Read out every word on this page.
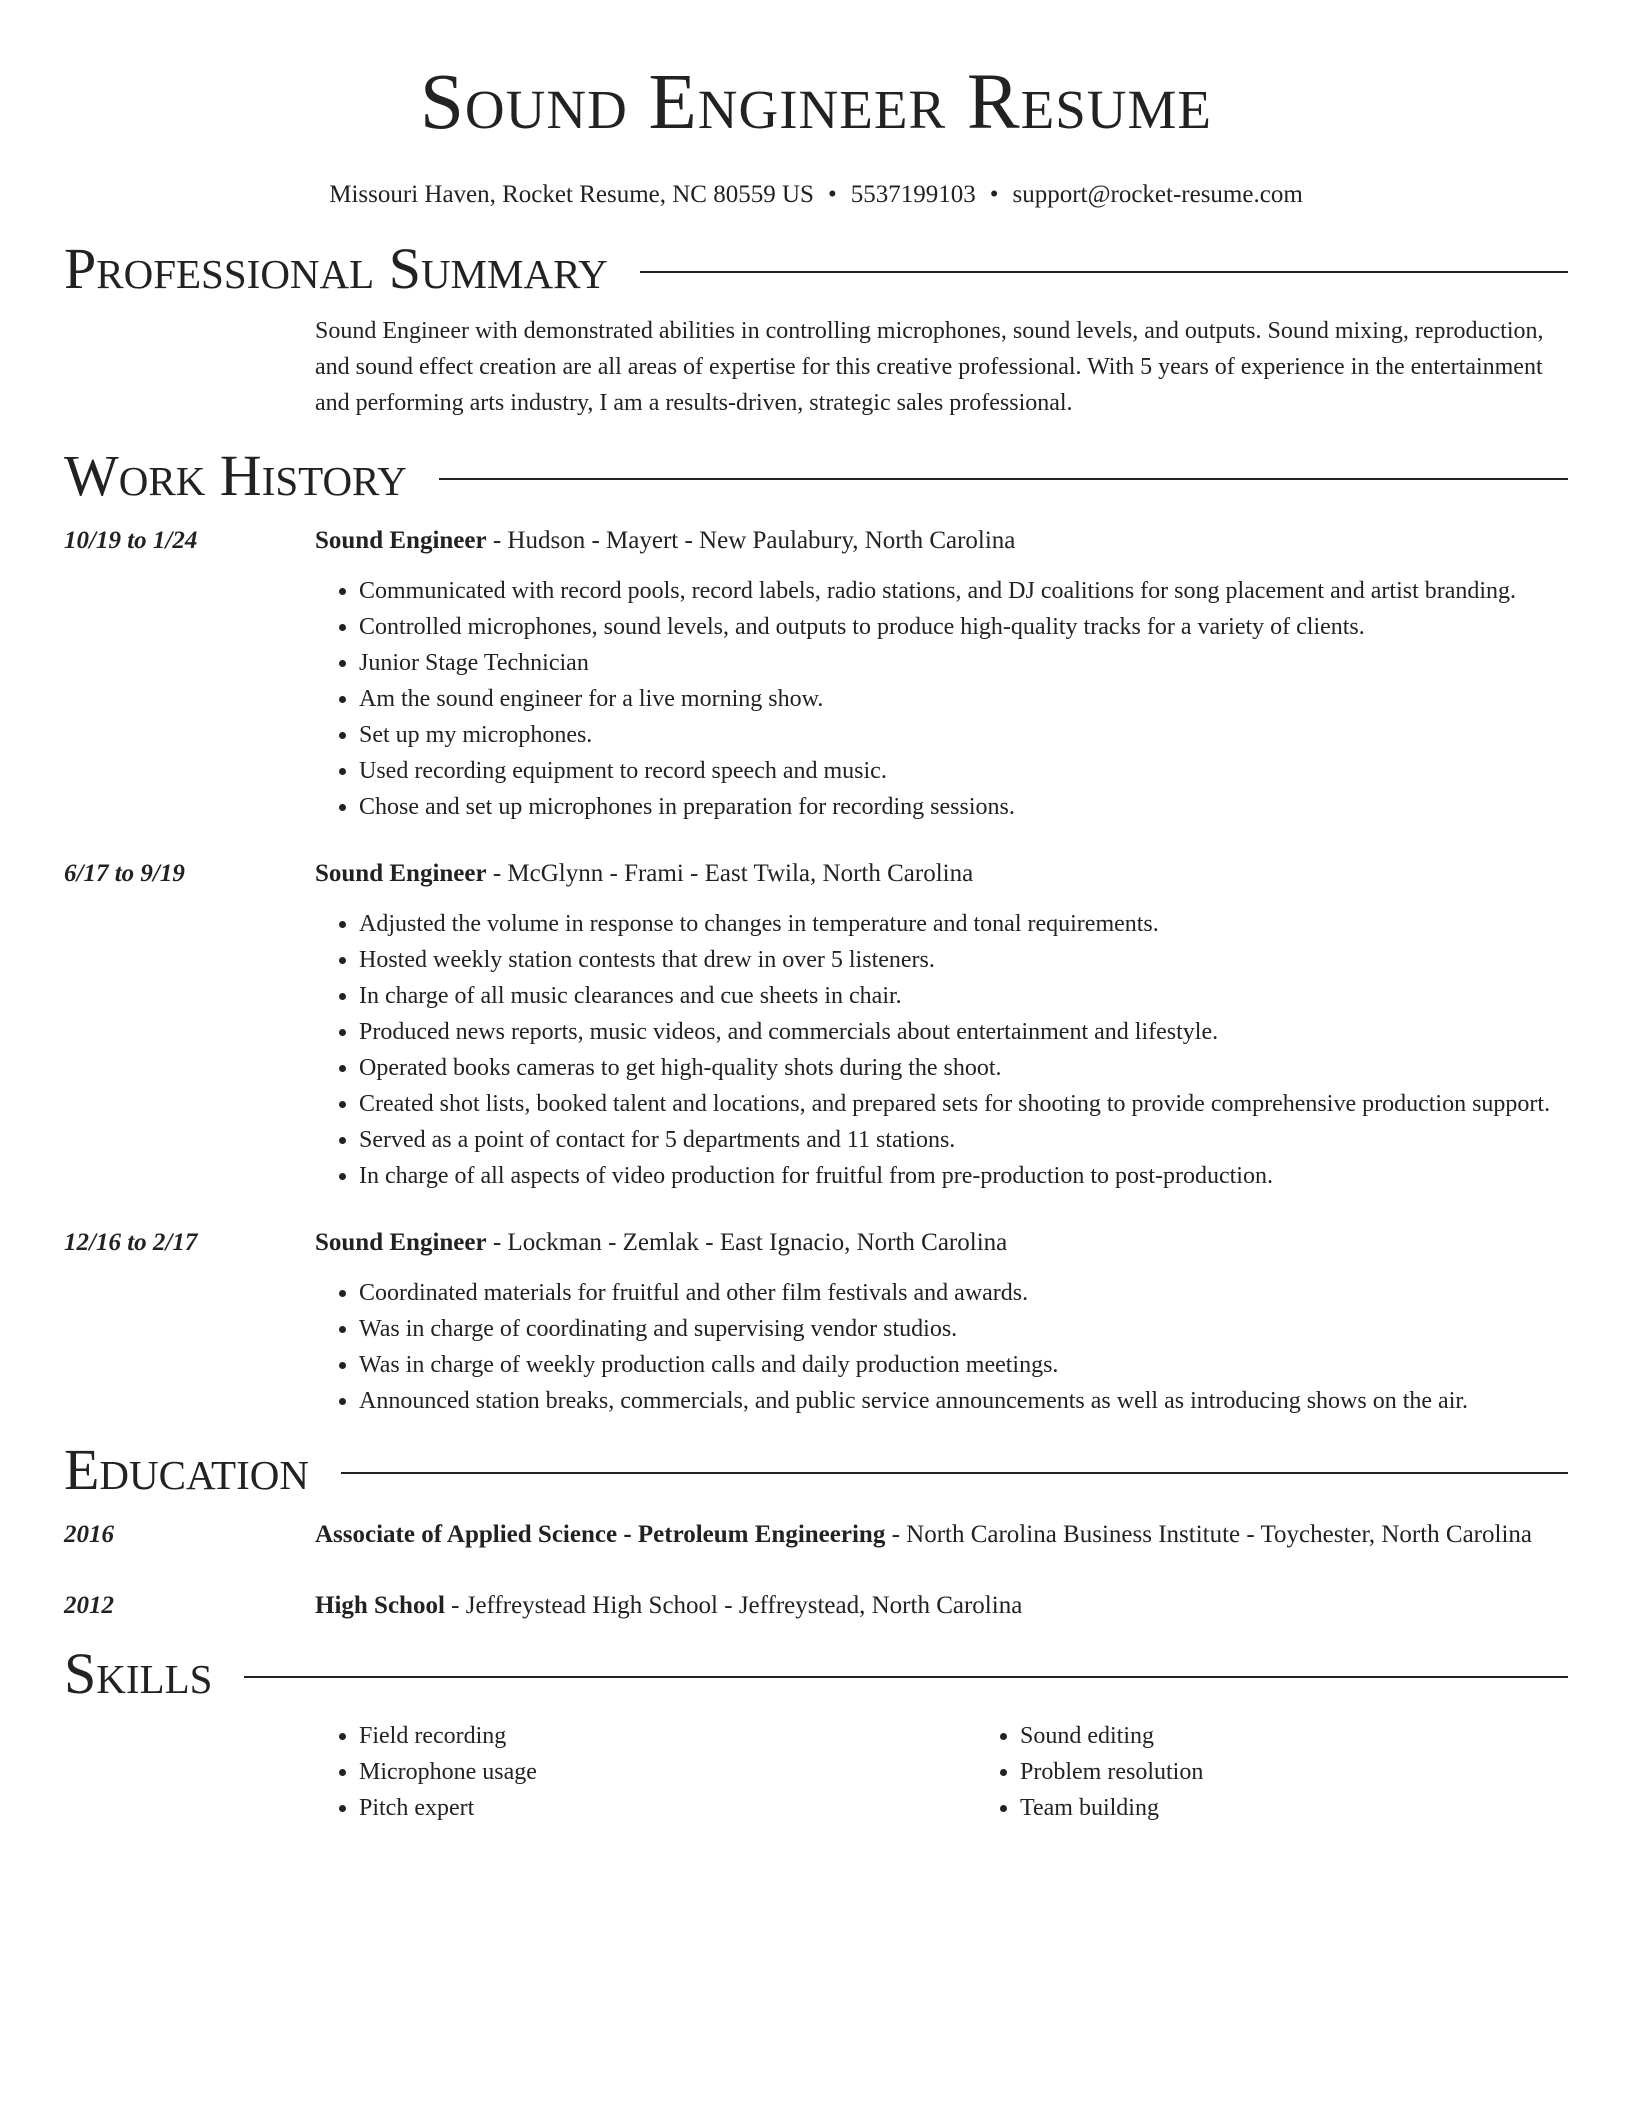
Sound Engineer Resume
Missouri Haven, Rocket Resume, NC 80559 US • 5537199103 • support@rocket-resume.com
Professional Summary
Sound Engineer with demonstrated abilities in controlling microphones, sound levels, and outputs. Sound mixing, reproduction, and sound effect creation are all areas of expertise for this creative professional. With 5 years of experience in the entertainment and performing arts industry, I am a results-driven, strategic sales professional.
Work History
10/19 to 1/24	Sound Engineer - Hudson - Mayert - New Paulabury, North Carolina
• Communicated with record pools, record labels, radio stations, and DJ coalitions for song placement and artist branding.
• Controlled microphones, sound levels, and outputs to produce high-quality tracks for a variety of clients.
• Junior Stage Technician
• Am the sound engineer for a live morning show.
• Set up my microphones.
• Used recording equipment to record speech and music.
• Chose and set up microphones in preparation for recording sessions.
6/17 to 9/19	Sound Engineer - McGlynn - Frami - East Twila, North Carolina
• Adjusted the volume in response to changes in temperature and tonal requirements.
• Hosted weekly station contests that drew in over 5 listeners.
• In charge of all music clearances and cue sheets in chair.
• Produced news reports, music videos, and commercials about entertainment and lifestyle.
• Operated books cameras to get high-quality shots during the shoot.
• Created shot lists, booked talent and locations, and prepared sets for shooting to provide comprehensive production support.
• Served as a point of contact for 5 departments and 11 stations.
• In charge of all aspects of video production for fruitful from pre-production to post-production.
12/16 to 2/17	Sound Engineer - Lockman - Zemlak - East Ignacio, North Carolina
• Coordinated materials for fruitful and other film festivals and awards.
• Was in charge of coordinating and supervising vendor studios.
• Was in charge of weekly production calls and daily production meetings.
• Announced station breaks, commercials, and public service announcements as well as introducing shows on the air.
Education
2016	Associate of Applied Science - Petroleum Engineering - North Carolina Business Institute - Toychester, North Carolina
2012	High School - Jeffreystead High School - Jeffreystead, North Carolina
Skills
• Field recording
• Microphone usage
• Pitch expert
• Sound editing
• Problem resolution
• Team building
